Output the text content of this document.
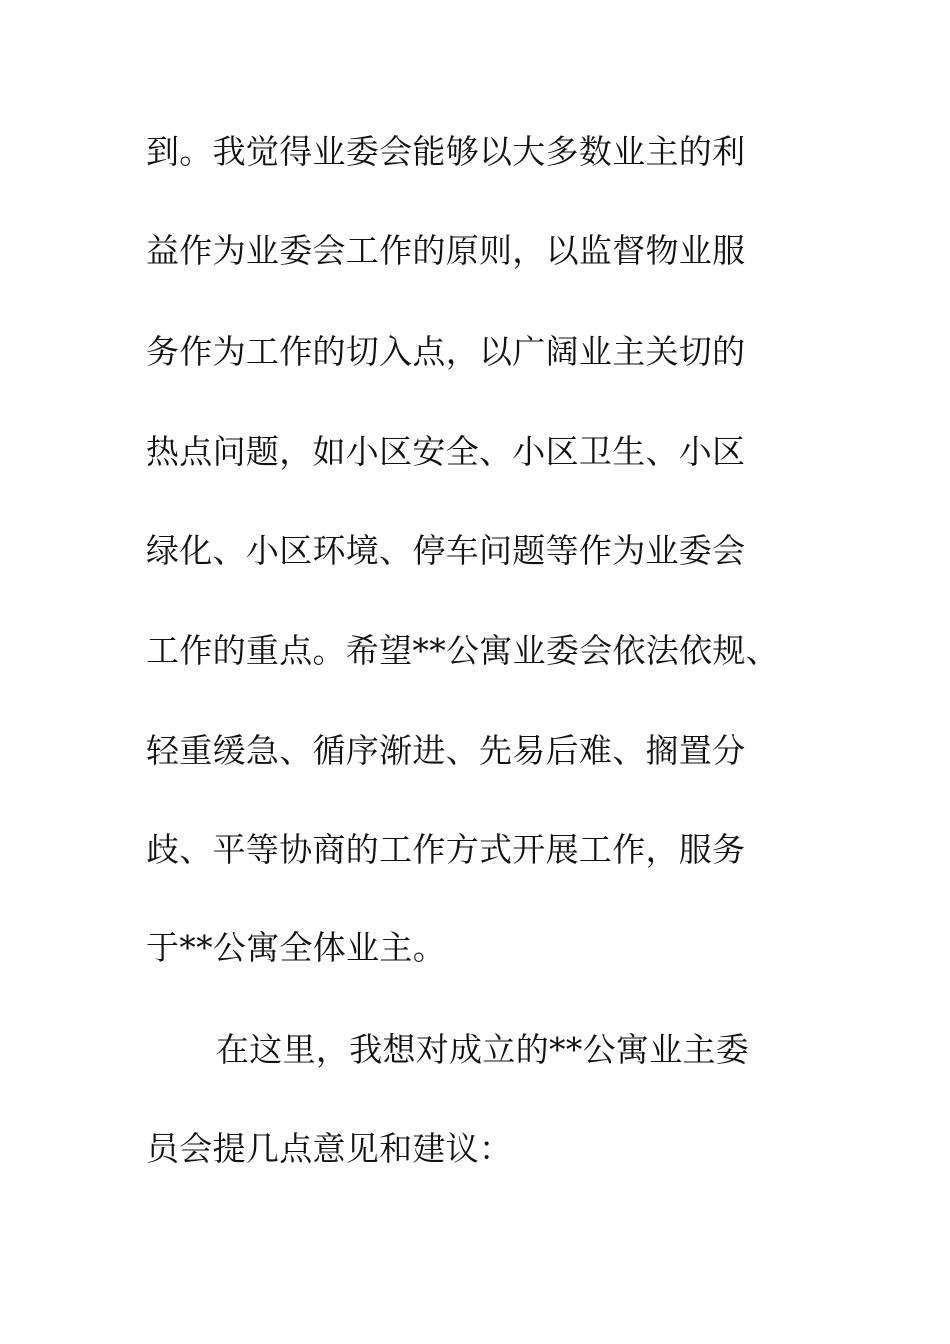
到。我觉得业委会能够以大多数业主的利
益作为业委会工作的原则，以监督物业服
务作为工作的切入点，以广阔业主关切的
热点问题，如小区安全、小区卫生、小区
绿化、小区环境、停车问题等作为业委会
工作的重点。希望**公寓业委会依法依规、
轻重缓急、循序渐进、先易后难、搁置分
歧、平等协商的工作方式开展工作，服务
于**公寓全体业主。
在这里，我想对成立的**公寓业主委
员会提几点意见和建议：
